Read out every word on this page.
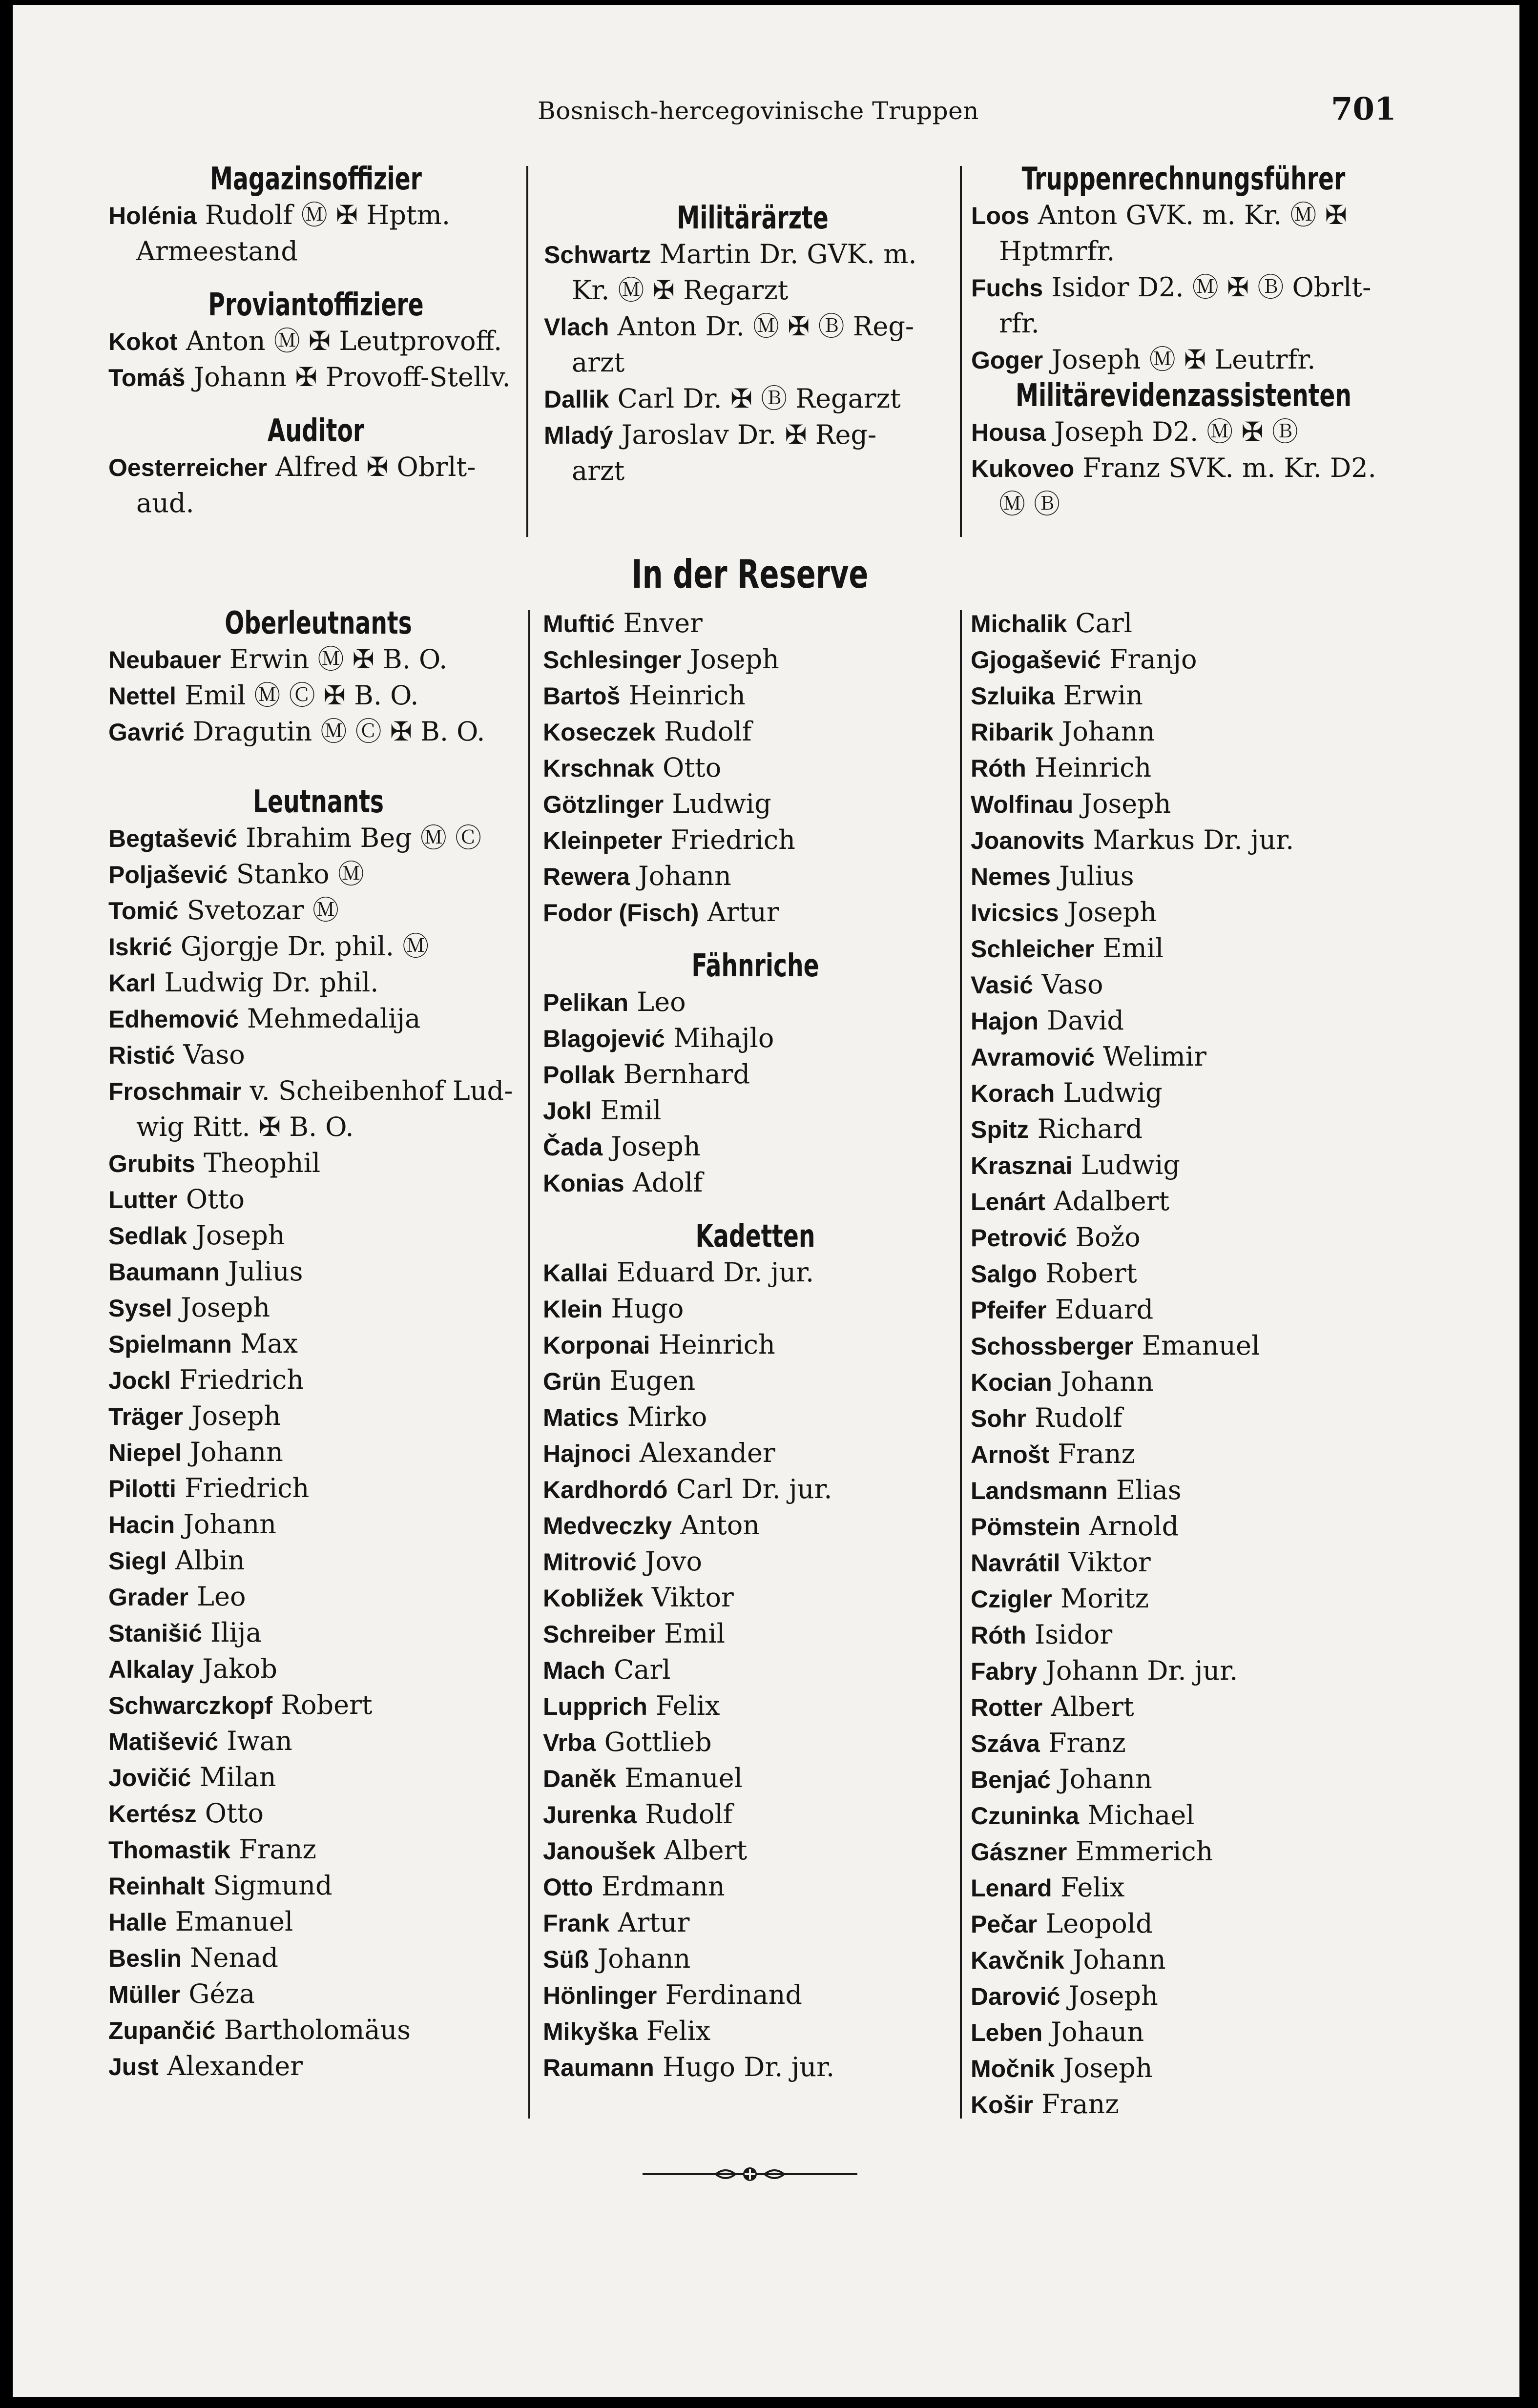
Bosnisch-hercegovinische Truppen	701
Magazinsoffizier
Holénia Rudolf Ⓜ ✠ Hptm.
Armeestand
Proviantoffiziere
Kokot Anton Ⓜ ✠ Leutprovoff.
Tomáš Johann ✠ Provoff-Stellv.
Auditor
Oesterreicher Alfred ✠ Obrlt-
aud.
Militärärzte
Schwartz Martin Dr. GVK. m.
Kr. Ⓜ ✠ Regarzt
Vlach Anton Dr. Ⓜ ✠ Ⓑ Reg-
arzt
Dallik Carl Dr. ✠ Ⓑ Regarzt
Mladý Jaroslav Dr. ✠ Reg-
arzt
Truppenrechnungsführer
Loos Anton GVK. m. Kr. Ⓜ ✠
Hptmrfr.
Fuchs Isidor D2. Ⓜ ✠ Ⓑ Obrlt-
rfr.
Goger Joseph Ⓜ ✠ Leutrfr.
Militärevidenzassistenten
Housa Joseph D2. Ⓜ ✠ Ⓑ
Kukoveo Franz SVK. m. Kr. D2.
Ⓜ Ⓑ
In der Reserve
Oberleutnants
Neubauer Erwin Ⓜ ✠ B. O.
Nettel Emil Ⓜ Ⓒ ✠ B. O.
Gavrić Dragutin Ⓜ Ⓒ ✠ B. O.
Leutnants
Begtašević Ibrahim Beg Ⓜ Ⓒ
Poljašević Stanko Ⓜ
Tomić Svetozar Ⓜ
Iskrić Gjorgje Dr. phil. Ⓜ
Karl Ludwig Dr. phil.
Edhemović Mehmedalija
Ristić Vaso
Froschmair v. Scheibenhof Lud-
wig Ritt. ✠ B. O.
Grubits Theophil
Lutter Otto
Sedlak Joseph
Baumann Julius
Sysel Joseph
Spielmann Max
Jockl Friedrich
Träger Joseph
Niepel Johann
Pilotti Friedrich
Hacin Johann
Siegl Albin
Grader Leo
Stanišić Ilija
Alkalay Jakob
Schwarczkopf Robert
Matišević Iwan
Jovičić Milan
Kertész Otto
Thomastik Franz
Reinhalt Sigmund
Halle Emanuel
Beslin Nenad
Müller Géza
Zupančić Bartholomäus
Just Alexander
Muftić Enver
Schlesinger Joseph
Bartoš Heinrich
Koseczek Rudolf
Krschnak Otto
Götzlinger Ludwig
Kleinpeter Friedrich
Rewera Johann
Fodor (Fisch) Artur
Fähnriche
Pelikan Leo
Blagojević Mihajlo
Pollak Bernhard
Jokl Emil
Čada Joseph
Konias Adolf
Kadetten
Kallai Eduard Dr. jur.
Klein Hugo
Korponai Heinrich
Grün Eugen
Matics Mirko
Hajnoci Alexander
Kardhordó Carl Dr. jur.
Medveczky Anton
Mitrović Jovo
Kobližek Viktor
Schreiber Emil
Mach Carl
Lupprich Felix
Vrba Gottlieb
Daněk Emanuel
Jurenka Rudolf
Janoušek Albert
Otto Erdmann
Frank Artur
Süß Johann
Hönlinger Ferdinand
Mikyška Felix
Raumann Hugo Dr. jur.
Michalik Carl
Gjogašević Franjo
Szluika Erwin
Ribarik Johann
Róth Heinrich
Wolfinau Joseph
Joanovits Markus Dr. jur.
Nemes Julius
Ivicsics Joseph
Schleicher Emil
Vasić Vaso
Hajon David
Avramović Welimir
Korach Ludwig
Spitz Richard
Krasznai Ludwig
Lenárt Adalbert
Petrović Božo
Salgo Robert
Pfeifer Eduard
Schossberger Emanuel
Kocian Johann
Sohr Rudolf
Arnošt Franz
Landsmann Elias
Pömstein Arnold
Navrátil Viktor
Czigler Moritz
Róth Isidor
Fabry Johann Dr. jur.
Rotter Albert
Száva Franz
Benjać Johann
Czuninka Michael
Gászner Emmerich
Lenard Felix
Pečar Leopold
Kavčnik Johann
Darović Joseph
Leben Johaun
Močnik Joseph
Košir Franz
